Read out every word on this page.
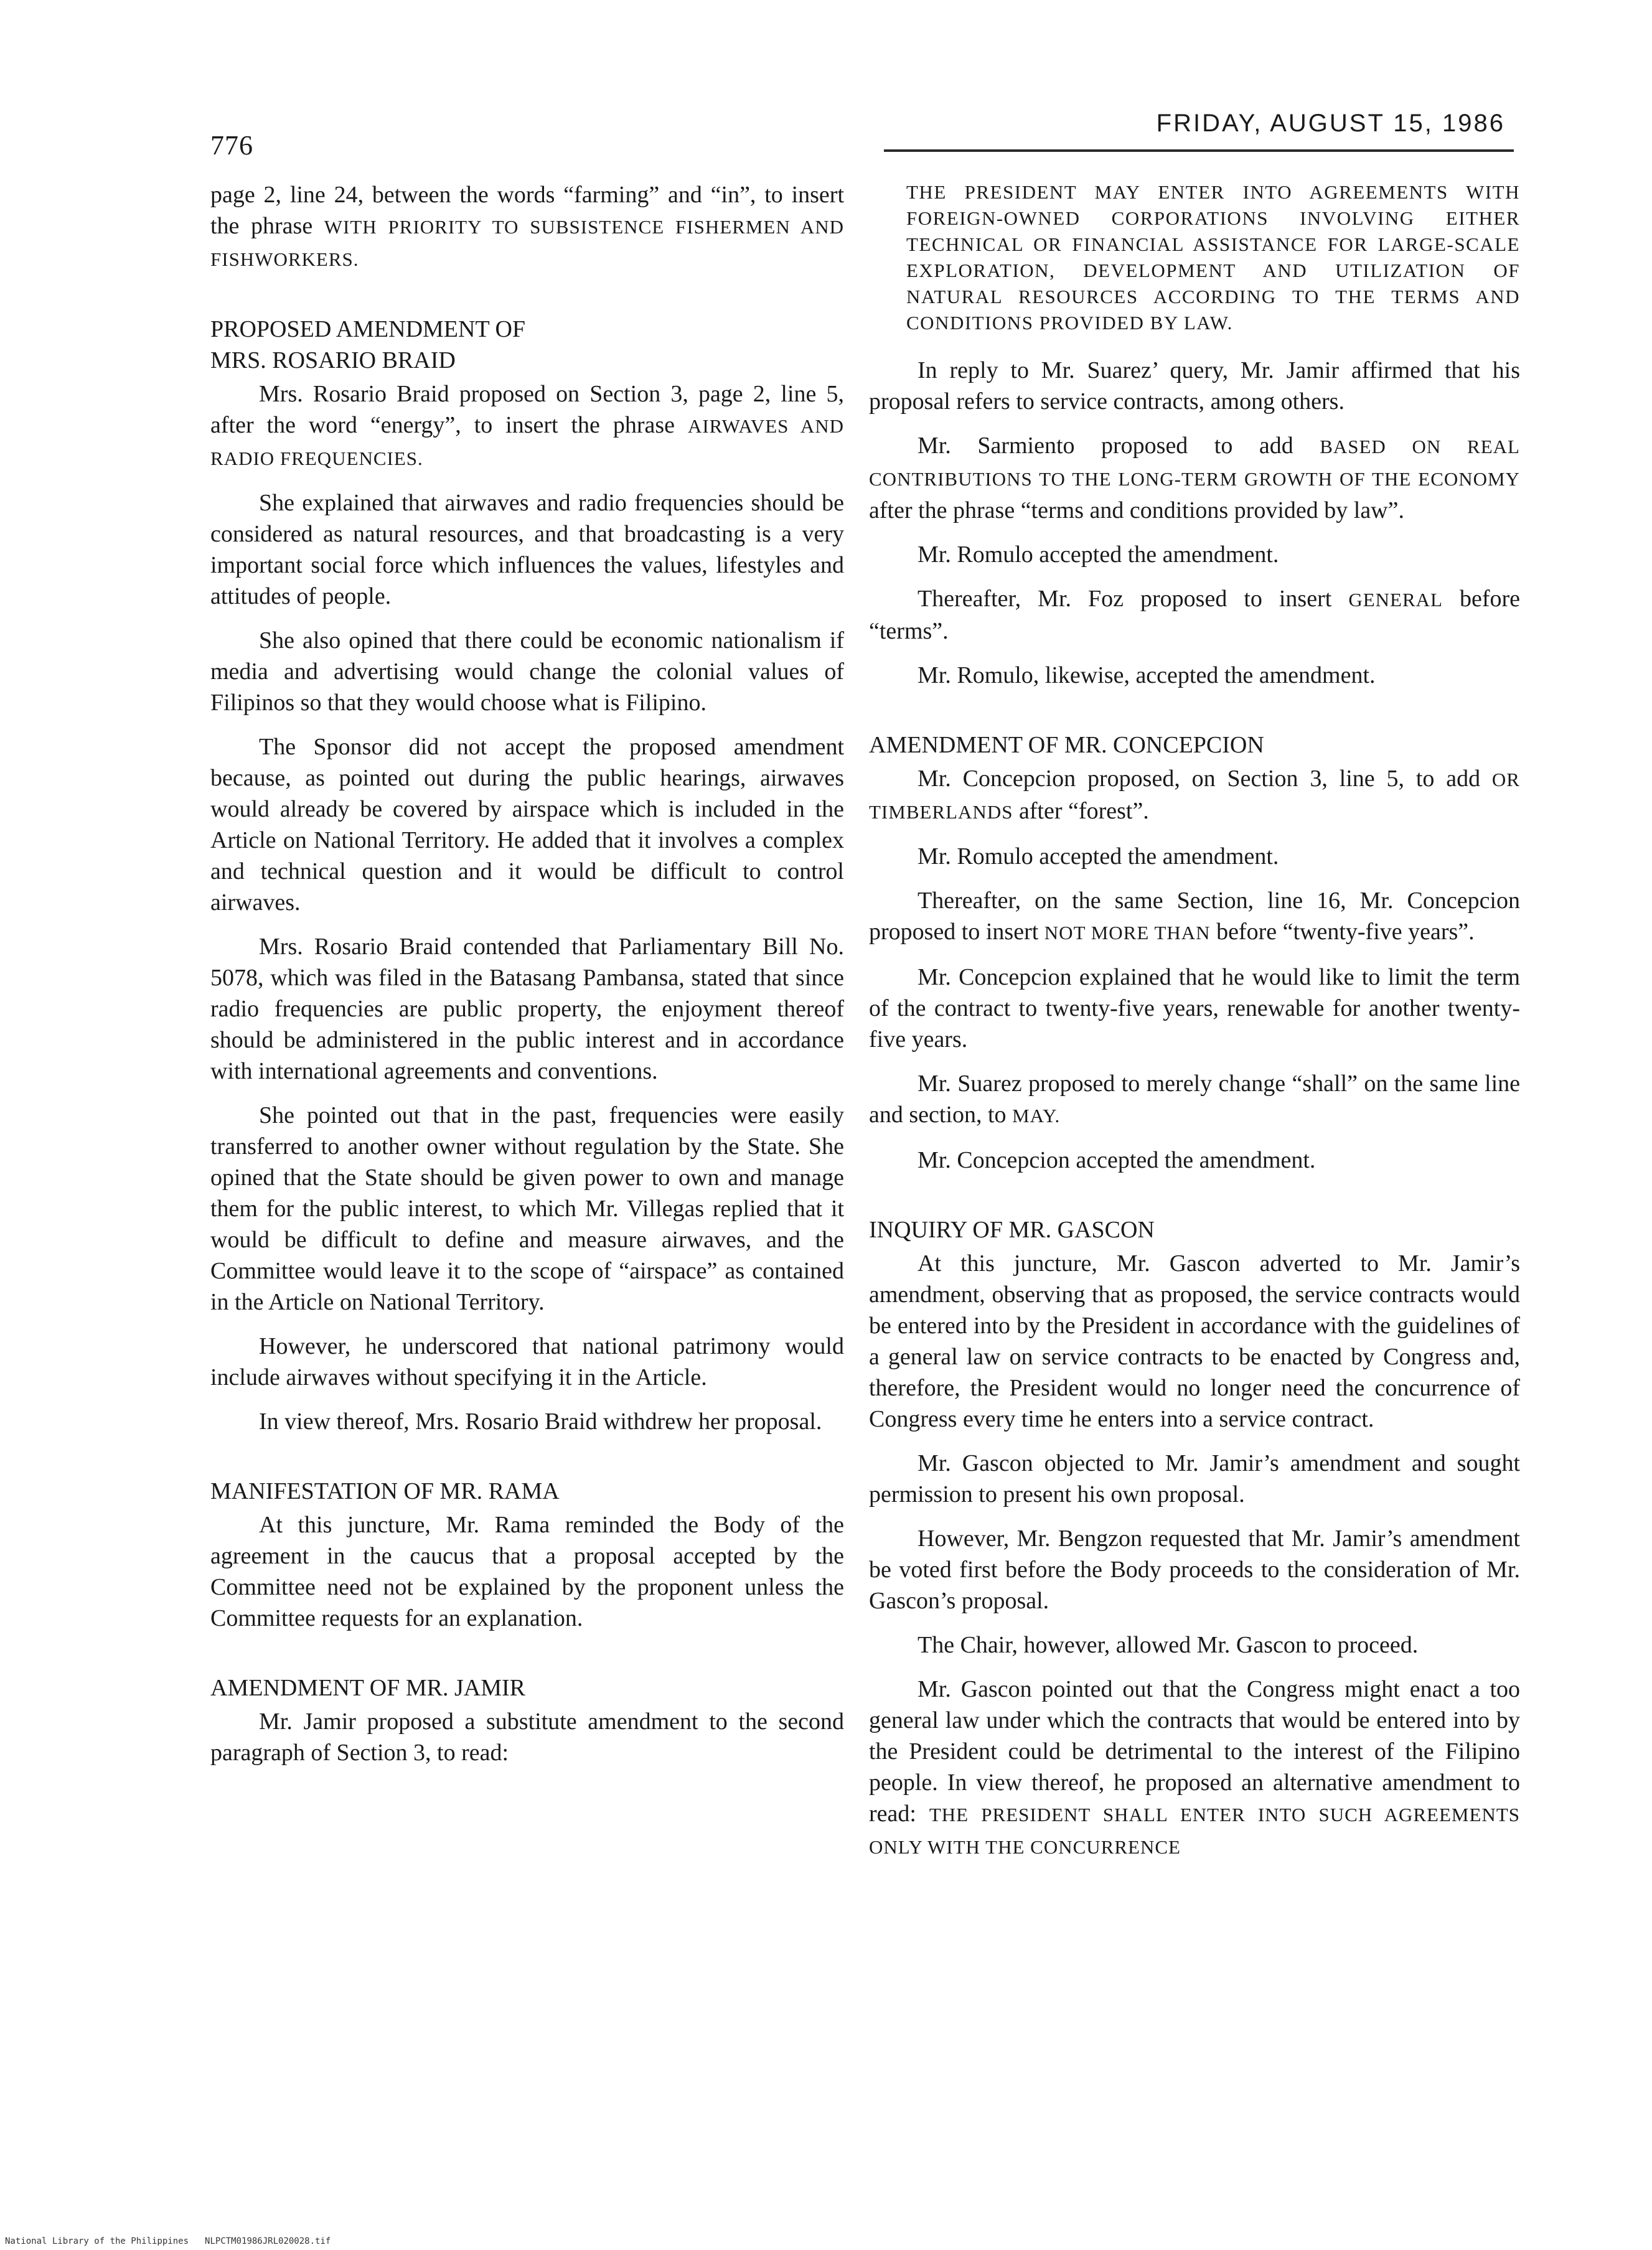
776
FRIDAY, AUGUST 15, 1986

page 2, line 24, between the words “farming” and “in”, to insert the phrase WITH PRIORITY TO SUBSISTENCE FISHERMEN AND FISHWORKERS.

PROPOSED AMENDMENT OF
MRS. ROSARIO BRAID

Mrs. Rosario Braid proposed on Section 3, page 2, line 5, after the word “energy”, to insert the phrase AIRWAVES AND RADIO FREQUENCIES.

She explained that airwaves and radio frequencies should be considered as natural resources, and that broadcasting is a very important social force which influences the values, lifestyles and attitudes of people.

She also opined that there could be economic nationalism if media and advertising would change the colonial values of Filipinos so that they would choose what is Filipino.

The Sponsor did not accept the proposed amendment because, as pointed out during the public hearings, airwaves would already be covered by airspace which is included in the Article on National Territory. He added that it involves a complex and technical question and it would be difficult to control airwaves.

Mrs. Rosario Braid contended that Parliamentary Bill No. 5078, which was filed in the Batasang Pambansa, stated that since radio frequencies are public property, the enjoyment thereof should be administered in the public interest and in accordance with international agreements and conventions.

She pointed out that in the past, frequencies were easily transferred to another owner without regulation by the State. She opined that the State should be given power to own and manage them for the public interest, to which Mr. Villegas replied that it would be difficult to define and measure airwaves, and the Committee would leave it to the scope of “airspace” as contained in the Article on National Territory.

However, he underscored that national patrimony would include airwaves without specifying it in the Article.

In view thereof, Mrs. Rosario Braid withdrew her proposal.

MANIFESTATION OF MR. RAMA

At this juncture, Mr. Rama reminded the Body of the agreement in the caucus that a proposal accepted by the Committee need not be explained by the proponent unless the Committee requests for an explanation.

AMENDMENT OF MR. JAMIR

Mr. Jamir proposed a substitute amendment to the second paragraph of Section 3, to read:

THE PRESIDENT MAY ENTER INTO AGREEMENTS WITH FOREIGN-OWNED CORPORATIONS INVOLVING EITHER TECHNICAL OR FINANCIAL ASSISTANCE FOR LARGE-SCALE EXPLORATION, DEVELOPMENT AND UTILIZATION OF NATURAL RESOURCES ACCORDING TO THE TERMS AND CONDITIONS PROVIDED BY LAW.

In reply to Mr. Suarez’ query, Mr. Jamir affirmed that his proposal refers to service contracts, among others.

Mr. Sarmiento proposed to add BASED ON REAL CONTRIBUTIONS TO THE LONG-TERM GROWTH OF THE ECONOMY after the phrase “terms and conditions provided by law”.

Mr. Romulo accepted the amendment.

Thereafter, Mr. Foz proposed to insert GENERAL before “terms”.

Mr. Romulo, likewise, accepted the amendment.

AMENDMENT OF MR. CONCEPCION

Mr. Concepcion proposed, on Section 3, line 5, to add OR TIMBERLANDS after “forest”.

Mr. Romulo accepted the amendment.

Thereafter, on the same Section, line 16, Mr. Concepcion proposed to insert NOT MORE THAN before “twenty-five years”.

Mr. Concepcion explained that he would like to limit the term of the contract to twenty-five years, renewable for another twenty-five years.

Mr. Suarez proposed to merely change “shall” on the same line and section, to MAY.

Mr. Concepcion accepted the amendment.

INQUIRY OF MR. GASCON

At this juncture, Mr. Gascon adverted to Mr. Jamir’s amendment, observing that as proposed, the service contracts would be entered into by the President in accordance with the guidelines of a general law on service contracts to be enacted by Congress and, therefore, the President would no longer need the concurrence of Congress every time he enters into a service contract.

Mr. Gascon objected to Mr. Jamir’s amendment and sought permission to present his own proposal.

However, Mr. Bengzon requested that Mr. Jamir’s amendment be voted first before the Body proceeds to the consideration of Mr. Gascon’s proposal.

The Chair, however, allowed Mr. Gascon to proceed.

Mr. Gascon pointed out that the Congress might enact a too general law under which the contracts that would be entered into by the President could be detrimental to the interest of the Filipino people. In view thereof, he proposed an alternative amendment to read: THE PRESIDENT SHALL ENTER INTO SUCH AGREEMENTS ONLY WITH THE CONCURRENCE

National Library of the Philippines NLPCTM01986JRL020028.tif
